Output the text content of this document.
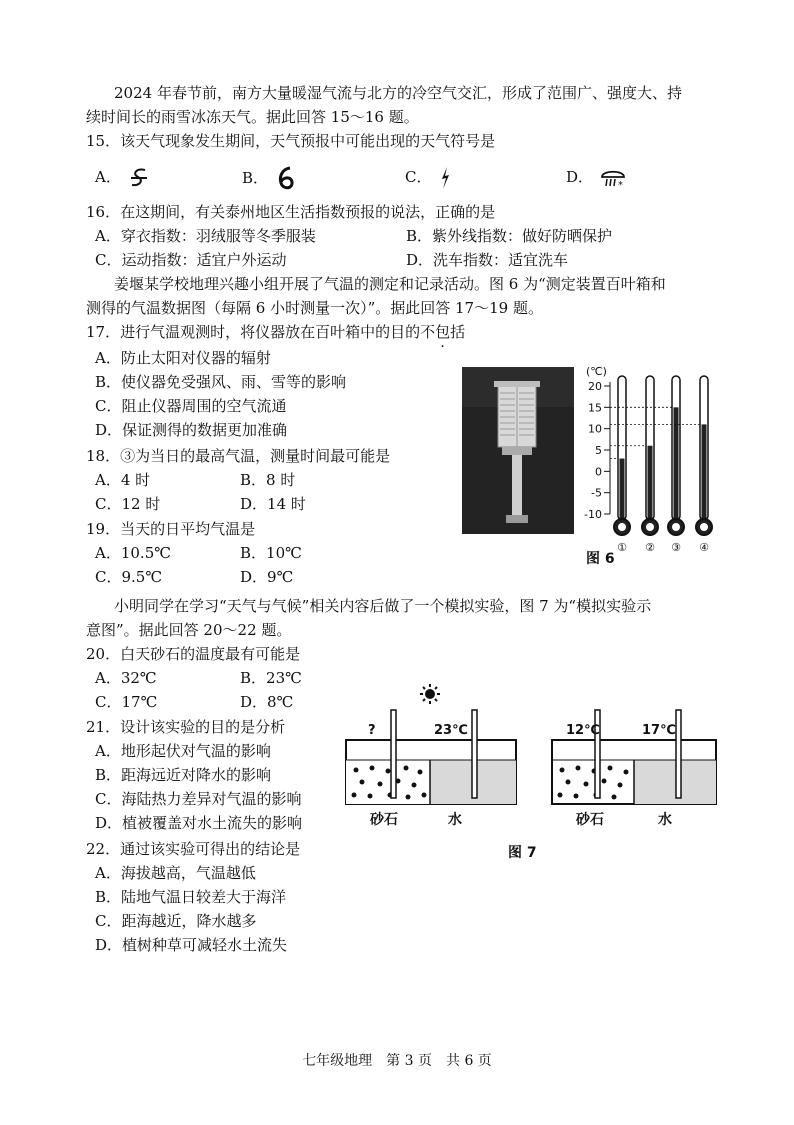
2024 年春节前，南方大量暖湿气流与北方的冷空气交汇，形成了范围广、强度大、持
续时间长的雨雪冰冻天气。据此回答 15～16 题。
15．该天气现象发生期间，天气预报中可能出现的天气符号是
A．	B．	C．	D． *
16．在这期间，有关泰州地区生活指数预报的说法，正确的是
A．穿衣指数：羽绒服等冬季服装	B．紫外线指数：做好防晒保护
C．运动指数：适宜户外运动	D．洗车指数：适宜洗车
姜堰某学校地理兴趣小组开展了气温的测定和记录活动。图 6 为“测定装置百叶箱和
测得的气温数据图（每隔 6 小时测量一次）”。据此回答 17～19 题。
17．进行气温观测时，将仪器放在百叶箱中的目的不包括
A．防止太阳对仪器的辐射
B．使仪器免受强风、雨、雪等的影响
C．阻止仪器周围的空气流通
D．保证测得的数据更加准确
18．③为当日的最高气温，测量时间最可能是
A．4 时	B．8 时
C．12 时	D．14 时
19．当天的日平均气温是
A．10.5℃	B．10℃
C．9.5℃	D．9℃
(℃)
20
15
10
5
0
-5
-10
① ② ③ ④
图 6
小明同学在学习“天气与气候”相关内容后做了一个模拟实验，图 7 为“模拟实验示
意图”。据此回答 20～22 题。
20．白天砂石的温度最有可能是
A．32℃	B．23℃
C．17℃	D．8℃
21．设计该实验的目的是分析
A．地形起伏对气温的影响
B．距海远近对降水的影响
C．海陆热力差异对气温的影响
D．植被覆盖对水土流失的影响
22．通过该实验可得出的结论是
A．海拔越高，气温越低
B．陆地气温日较差大于海洋
C．距海越近，降水越多
D．植树种草可减轻水土流失
?	23℃
砂石	水
12℃	17℃
砂石	水
图 7
七年级地理　第 3 页　共 6 页
